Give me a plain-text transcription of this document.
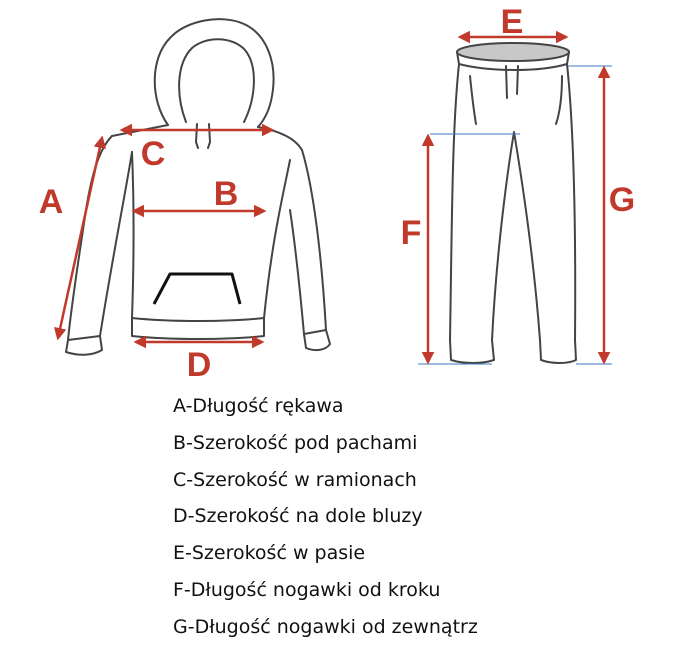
A	B
C
D
E
F
G
A-Długość rękawa
B-Szerokość pod pachami
C-Szerokość w ramionach
D-Szerokość na dole bluzy
E-Szerokość w pasie
F-Długość nogawki od kroku
G-Długość nogawki od zewnątrz
